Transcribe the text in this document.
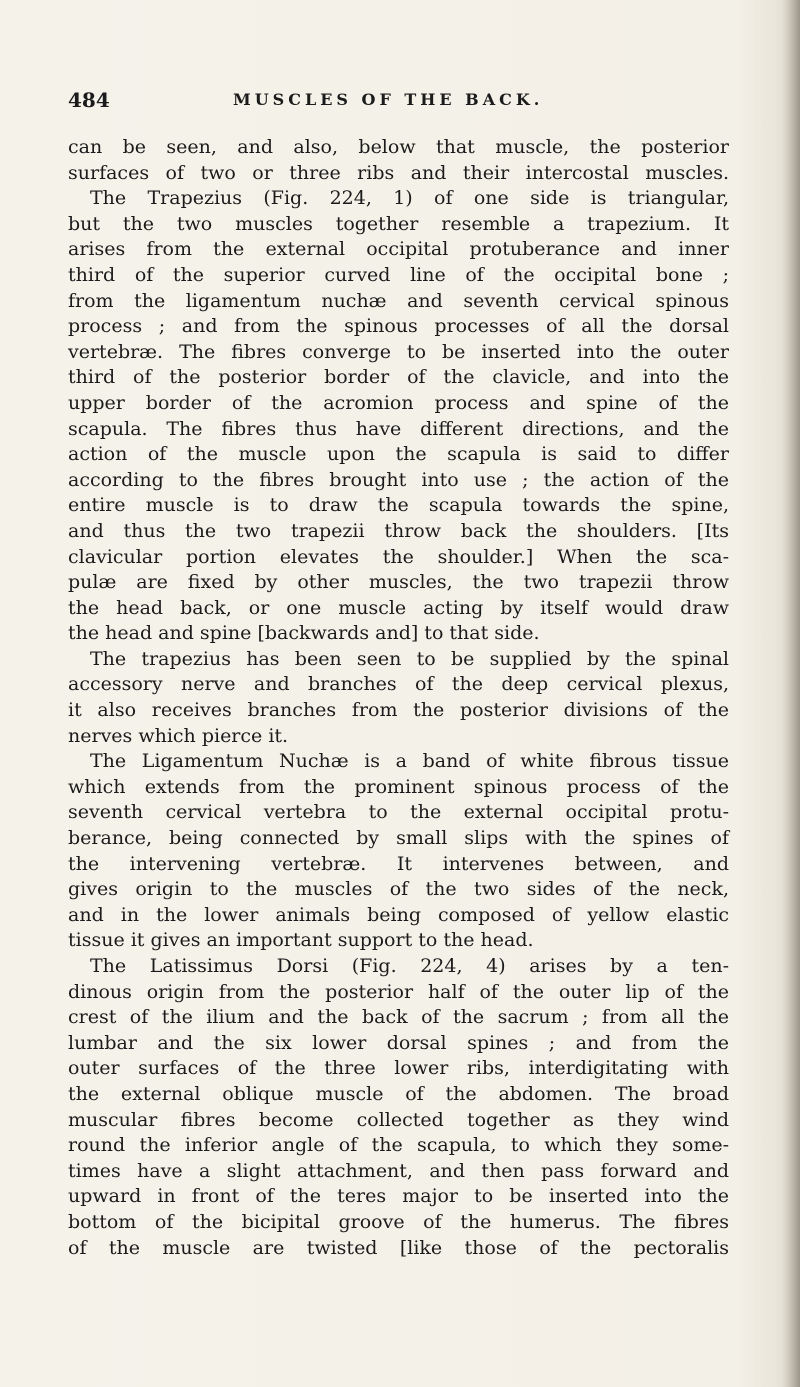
484	MUSCLES OF THE BACK.
can be seen, and also, below that muscle, the posterior
surfaces of two or three ribs and their intercostal muscles.
The Trapezius (Fig. 224, 1) of one side is triangular,
but the two muscles together resemble a trapezium. It
arises from the external occipital protuberance and inner
third of the superior curved line of the occipital bone ;
from the ligamentum nuchæ and seventh cervical spinous
process ; and from the spinous processes of all the dorsal
vertebræ. The fibres converge to be inserted into the outer
third of the posterior border of the clavicle, and into the
upper border of the acromion process and spine of the
scapula. The fibres thus have different directions, and the
action of the muscle upon the scapula is said to differ
according to the fibres brought into use ; the action of the
entire muscle is to draw the scapula towards the spine,
and thus the two trapezii throw back the shoulders. [Its
clavicular portion elevates the shoulder.] When the sca-
pulæ are fixed by other muscles, the two trapezii throw
the head back, or one muscle acting by itself would draw
the head and spine [backwards and] to that side.
The trapezius has been seen to be supplied by the spinal
accessory nerve and branches of the deep cervical plexus,
it also receives branches from the posterior divisions of the
nerves which pierce it.
The Ligamentum Nuchæ is a band of white fibrous tissue
which extends from the prominent spinous process of the
seventh cervical vertebra to the external occipital protu-
berance, being connected by small slips with the spines of
the intervening vertebræ. It intervenes between, and
gives origin to the muscles of the two sides of the neck,
and in the lower animals being composed of yellow elastic
tissue it gives an important support to the head.
The Latissimus Dorsi (Fig. 224, 4) arises by a ten-
dinous origin from the posterior half of the outer lip of the
crest of the ilium and the back of the sacrum ; from all the
lumbar and the six lower dorsal spines ; and from the
outer surfaces of the three lower ribs, interdigitating with
the external oblique muscle of the abdomen. The broad
muscular fibres become collected together as they wind
round the inferior angle of the scapula, to which they some-
times have a slight attachment, and then pass forward and
upward in front of the teres major to be inserted into the
bottom of the bicipital groove of the humerus. The fibres
of the muscle are twisted [like those of the pectoralis
